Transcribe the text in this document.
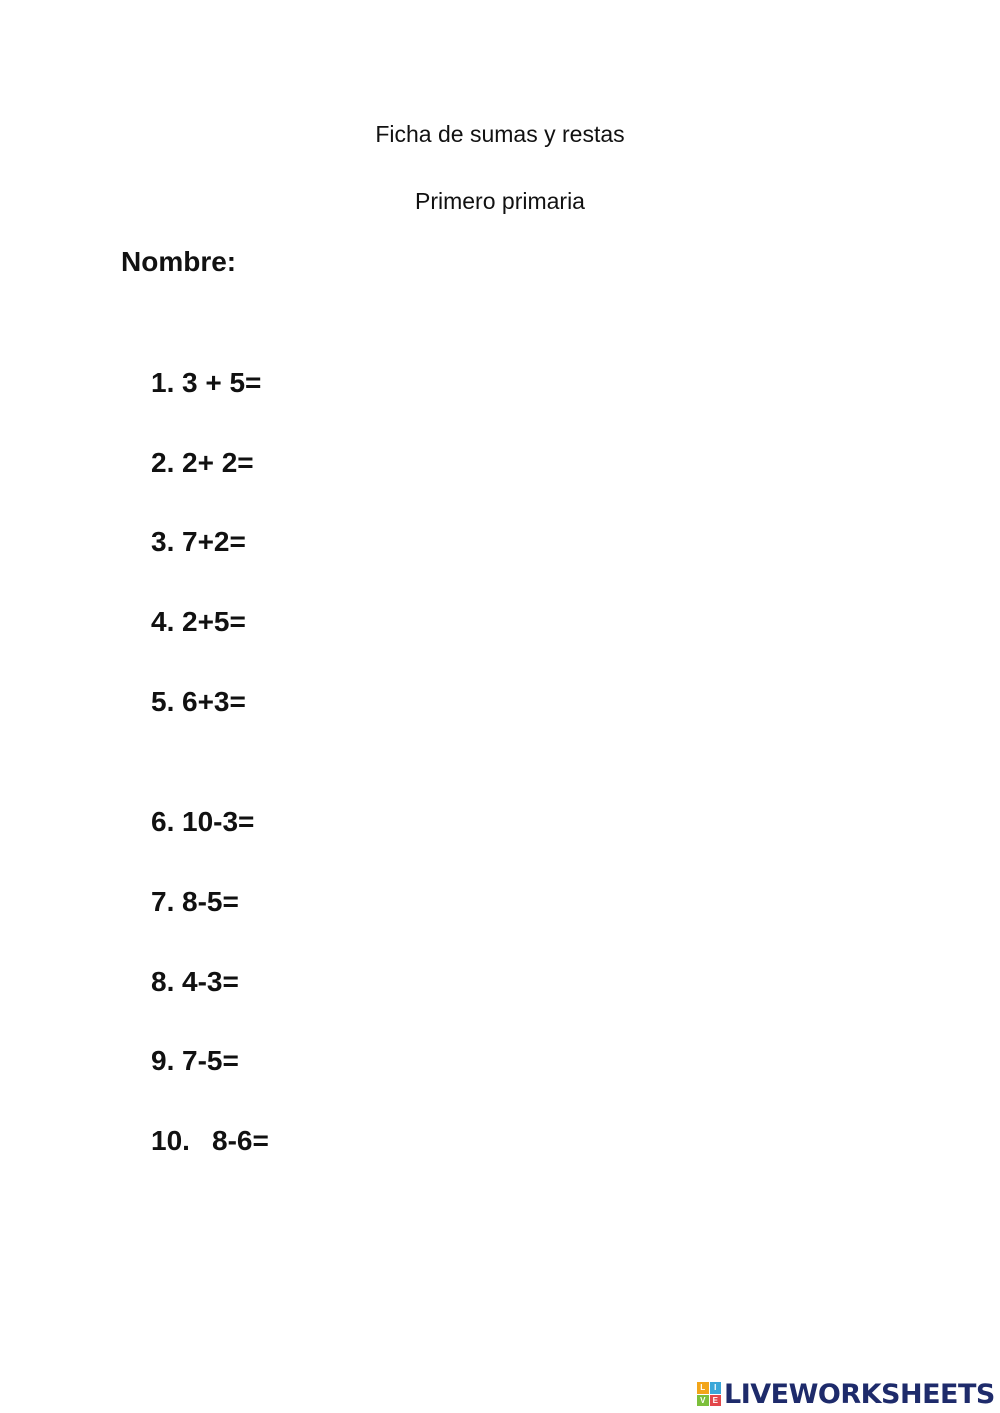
Ficha de sumas y restas
Primero primaria

Nombre:

1. 3 + 5=
2. 2+ 2=
3. 7+2=
4. 2+5=
5. 6+3=
6. 10-3=
7. 8-5=
8. 4-3=
9. 7-5=
10. 8-6=
L	I
V E LIVEWORKSHEETS
